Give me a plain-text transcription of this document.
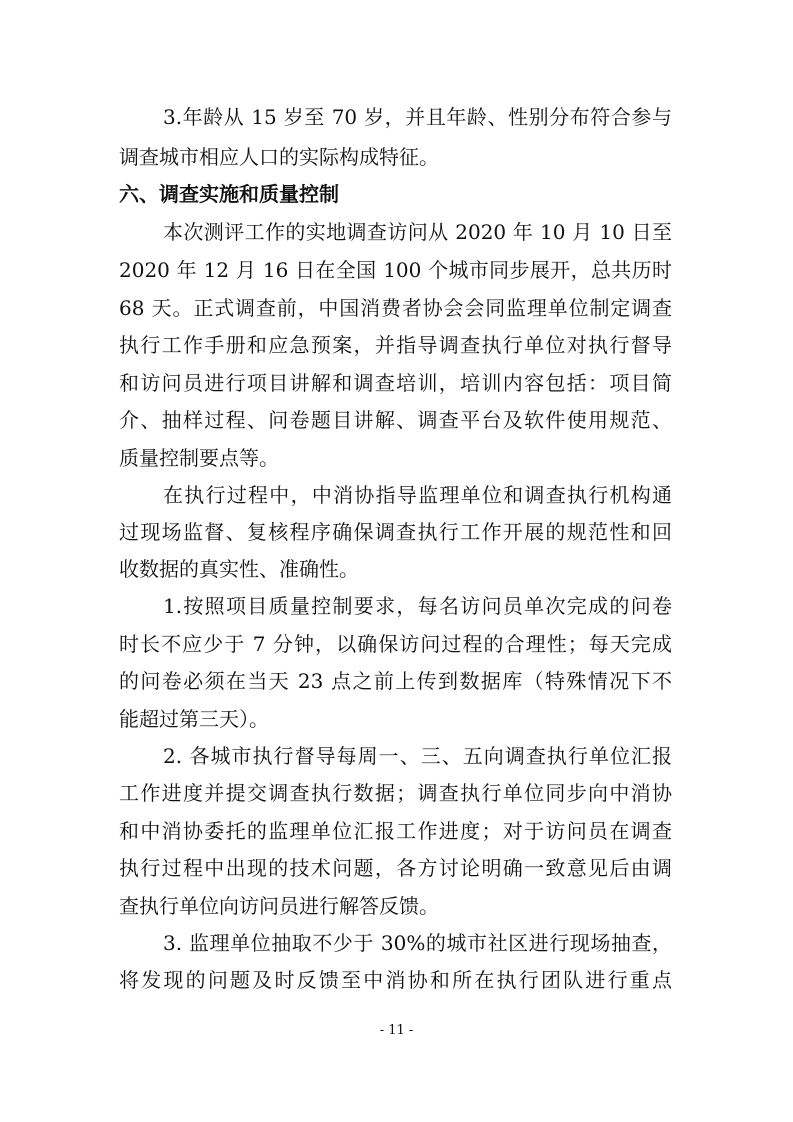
3.年龄从 15 岁至 70 岁，并且年龄、性别分布符合参与
调查城市相应人口的实际构成特征。
六、调查实施和质量控制
本次测评工作的实地调查访问从 2020 年 10 月 10 日至
2020 年 12 月 16 日在全国 100 个城市同步展开，总共历时
68 天。正式调查前，中国消费者协会会同监理单位制定调查
执行工作手册和应急预案，并指导调查执行单位对执行督导
和访问员进行项目讲解和调查培训，培训内容包括：项目简
介、抽样过程、问卷题目讲解、调查平台及软件使用规范、
质量控制要点等。
在执行过程中，中消协指导监理单位和调查执行机构通
过现场监督、复核程序确保调查执行工作开展的规范性和回
收数据的真实性、准确性。
1.按照项目质量控制要求，每名访问员单次完成的问卷
时长不应少于 7 分钟，以确保访问过程的合理性；每天完成
的问卷必须在当天 23 点之前上传到数据库（特殊情况下不
能超过第三天）。
2. 各城市执行督导每周一、三、五向调查执行单位汇报
工作进度并提交调查执行数据；调查执行单位同步向中消协
和中消协委托的监理单位汇报工作进度；对于访问员在调查
执行过程中出现的技术问题，各方讨论明确一致意见后由调
查执行单位向访问员进行解答反馈。
3. 监理单位抽取不少于 30%的城市社区进行现场抽查，
将发现的问题及时反馈至中消协和所在执行团队进行重点
- 11 -
